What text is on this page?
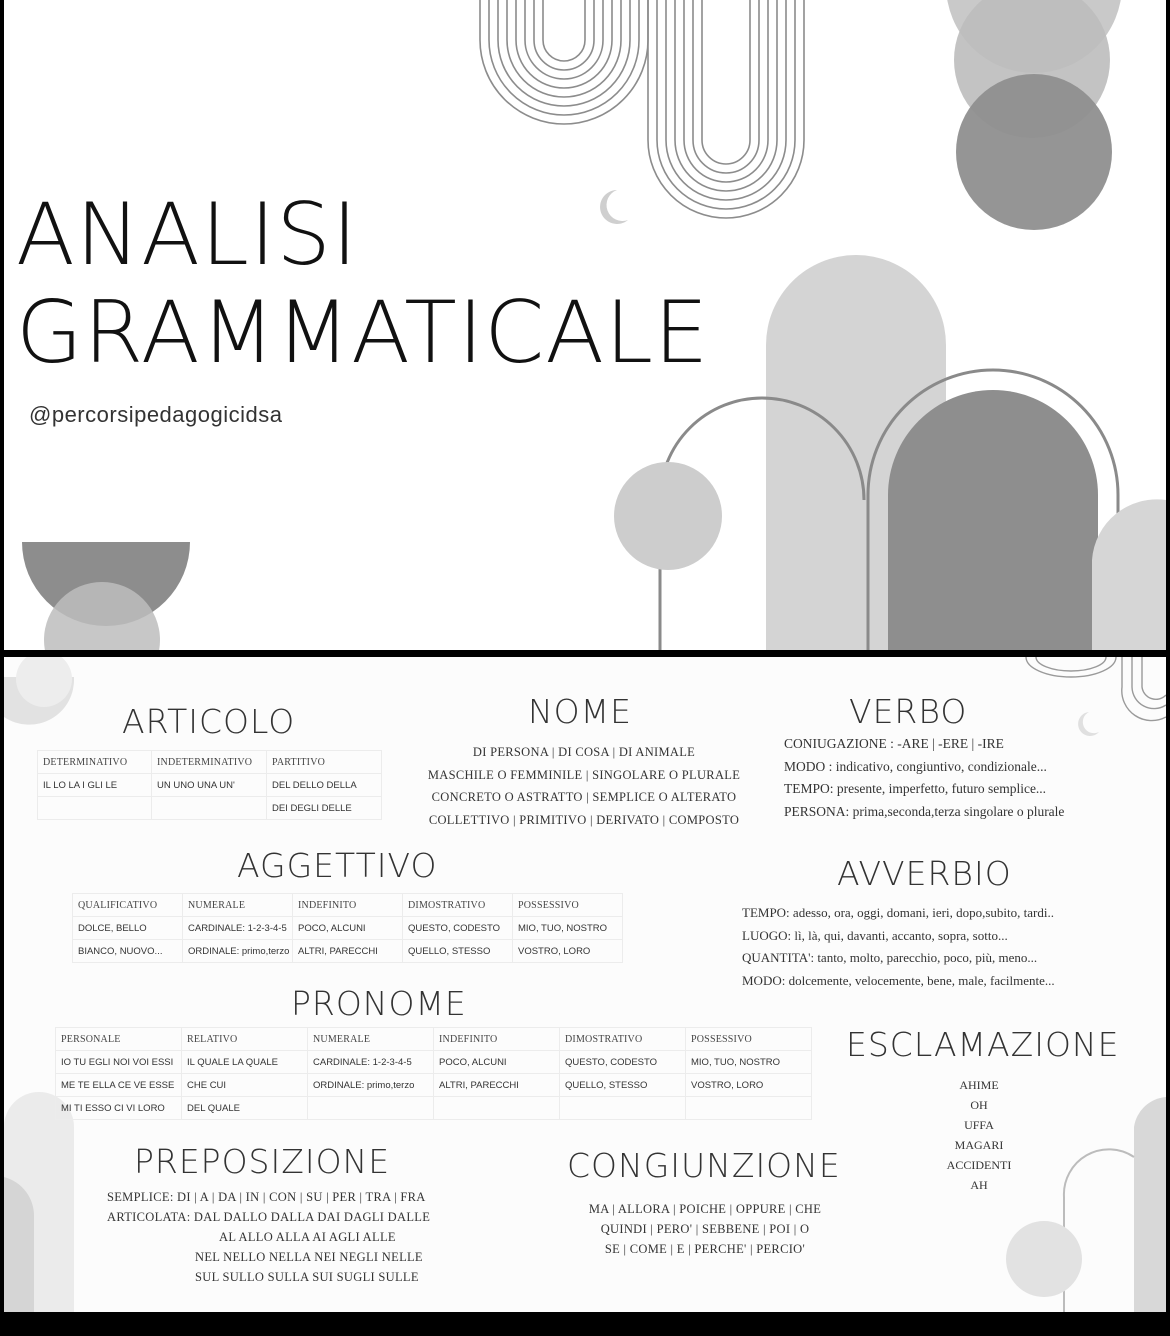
ANALISI
GRAMMATICALE
@percorsipedagogicidsa
ARTICOLO
DETERMINATIVO	INDETERMINATIVO	PARTITIVO
IL LO LA I GLI LE	UN UNO UNA UN'	DEL DELLO DELLA
		DEI DEGLI DELLE
NOME
DI PERSONA | DI COSA | DI ANIMALE
MASCHILE O FEMMINILE | SINGOLARE O PLURALE
CONCRETO O ASTRATTO | SEMPLICE O ALTERATO
COLLETTIVO | PRIMITIVO | DERIVATO | COMPOSTO
VERBO
CONIUGAZIONE : -ARE | -ERE | -IRE
MODO : indicativo, congiuntivo, condizionale...
TEMPO: presente, imperfetto, futuro semplice...
PERSONA: prima,seconda,terza singolare o plurale
AGGETTIVO
QUALIFICATIVO	NUMERALE	INDEFINITO	DIMOSTRATIVO	POSSESSIVO
DOLCE, BELLO	CARDINALE: 1-2-3-4-5	POCO, ALCUNI	QUESTO, CODESTO	MIO, TUO, NOSTRO
BIANCO, NUOVO...	ORDINALE: primo,terzo	ALTRI, PARECCHI	QUELLO, STESSO	VOSTRO, LORO
AVVERBIO
TEMPO: adesso, ora, oggi, domani, ieri, dopo,subito, tardi..
LUOGO: lì, là, qui, davanti, accanto, sopra, sotto...
QUANTITA': tanto, molto, parecchio, poco, più, meno...
MODO: dolcemente, velocemente, bene, male, facilmente...
PRONOME
PERSONALE	RELATIVO	NUMERALE	INDEFINITO	DIMOSTRATIVO	POSSESSIVO
IO TU EGLI NOI VOI ESSI	IL QUALE LA QUALE	CARDINALE: 1-2-3-4-5	POCO, ALCUNI	QUESTO, CODESTO	MIO, TUO, NOSTRO
ME TE ELLA CE VE ESSE	CHE CUI	ORDINALE: primo,terzo	ALTRI, PARECCHI	QUELLO, STESSO	VOSTRO, LORO
MI TI ESSO CI VI LORO	DEL QUALE				
ESCLAMAZIONE
AHIME
OH
UFFA
MAGARI
ACCIDENTI
AH
PREPOSIZIONE
SEMPLICE: DI | A | DA | IN | CON | SU | PER | TRA | FRA
ARTICOLATA: DAL DALLO DALLA DAI DAGLI DALLE
AL ALLO ALLA AI AGLI ALLE
NEL NELLO NELLA NEI NEGLI NELLE
SUL SULLO SULLA SUI SUGLI SULLE
CONGIUNZIONE
MA | ALLORA | POICHE | OPPURE | CHE
QUINDI | PERO' | SEBBENE | POI | O
SE | COME | E | PERCHE' | PERCIO'
